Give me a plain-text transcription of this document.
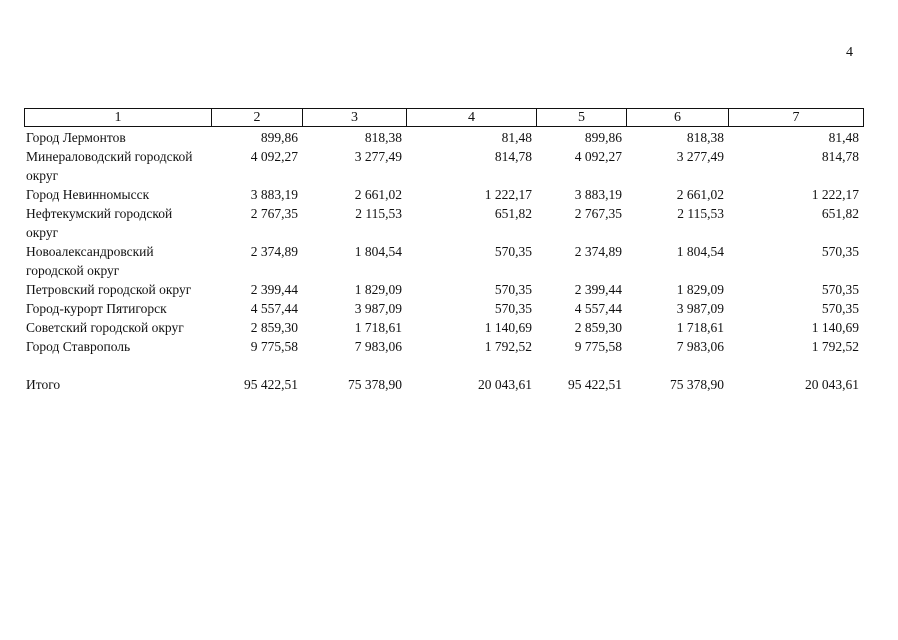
4
1	2	3	4	5	6	7
Город Лермонтов	899,86	818,38	81,48	899,86	818,38	81,48
Минераловодский городской округ	4 092,27	3 277,49	814,78	4 092,27	3 277,49	814,78
Город Невинномысск	3 883,19	2 661,02	1 222,17	3 883,19	2 661,02	1 222,17
Нефтекумский городской округ	2 767,35	2 115,53	651,82	2 767,35	2 115,53	651,82
Новоалександровский городской округ	2 374,89	1 804,54	570,35	2 374,89	1 804,54	570,35
Петровский городской округ	2 399,44	1 829,09	570,35	2 399,44	1 829,09	570,35
Город-курорт Пятигорск	4 557,44	3 987,09	570,35	4 557,44	3 987,09	570,35
Советский городской округ	2 859,30	1 718,61	1 140,69	2 859,30	1 718,61	1 140,69
Город Ставрополь	9 775,58	7 983,06	1 792,52	9 775,58	7 983,06	1 792,52

Итого	95 422,51	75 378,90	20 043,61	95 422,51	75 378,90	20 043,61
